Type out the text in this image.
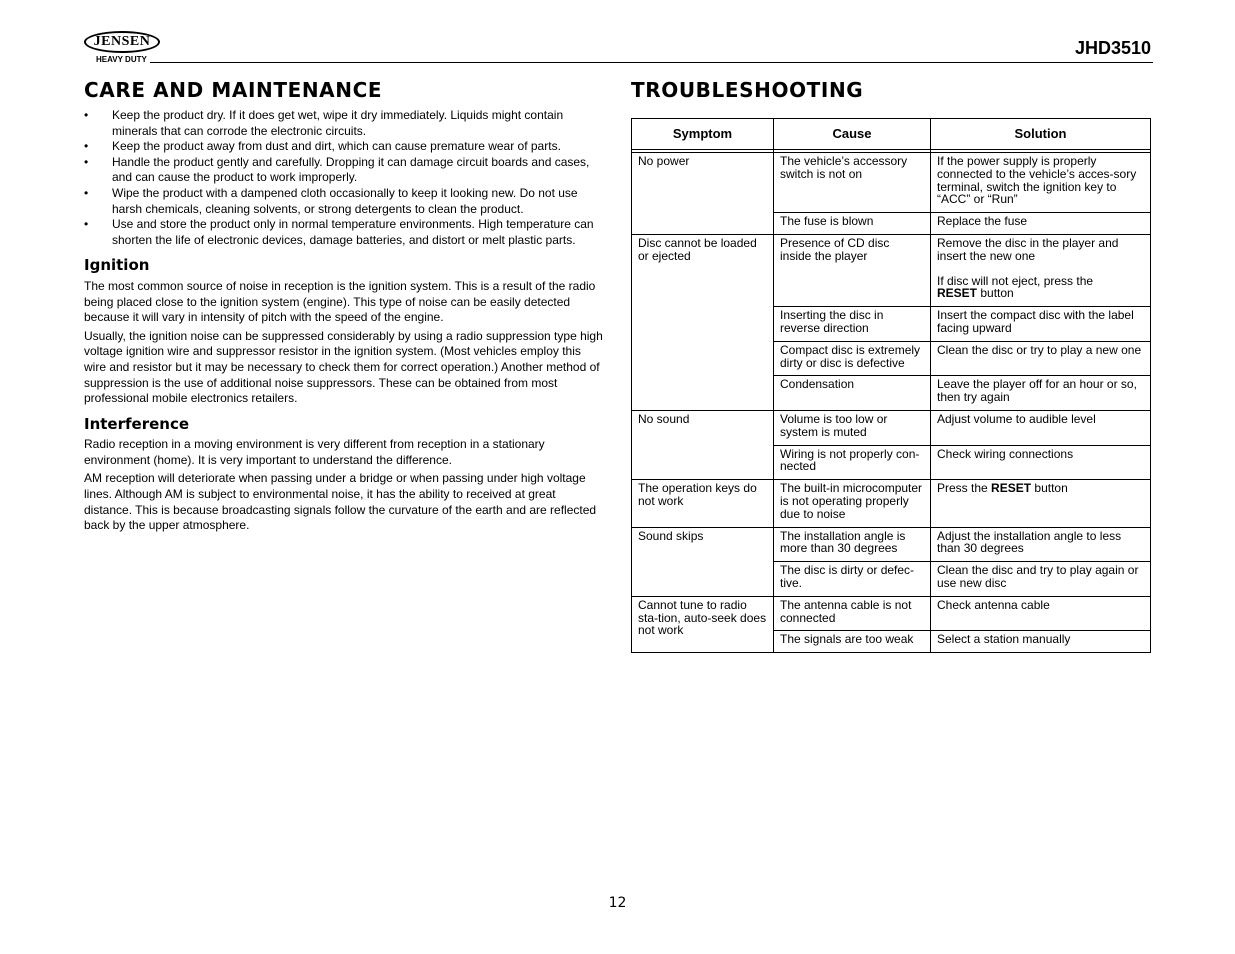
JENSEN
HEAVY DUTY
JHD3510
CARE AND MAINTENANCE	TROUBLESHOOTING
• Keep the product dry. If it does get wet, wipe it dry immediately. Liquids might contain minerals that can corrode the electronic circuits.
• Keep the product away from dust and dirt, which can cause premature wear of parts.
• Handle the product gently and carefully. Dropping it can damage circuit boards and cases, and can cause the product to work improperly.
• Wipe the product with a dampened cloth occasionally to keep it looking new. Do not use harsh chemicals, cleaning solvents, or strong detergents to clean the product.
• Use and store the product only in normal temperature environments. High temperature can shorten the life of electronic devices, damage batteries, and distort or melt plastic parts.
Ignition

The most common source of noise in reception is the ignition system. This is a result of the radio being placed close to the ignition system (engine). This type of noise can be easily detected because it will vary in intensity of pitch with the speed of the engine.

Usually, the ignition noise can be suppressed considerably by using a radio suppression type high voltage ignition wire and suppressor resistor in the ignition system. (Most vehicles employ this wire and resistor but it may be necessary to check them for correct operation.) Another method of suppression is the use of additional noise suppressors. These can be obtained from most professional mobile electronics retailers.

Interference

Radio reception in a moving environment is very different from reception in a stationary environment (home). It is very important to understand the difference.

AM reception will deteriorate when passing under a bridge or when passing under high voltage lines. Although AM is subject to environmental noise, it has the ability to received at great distance. This is because broadcasting signals follow the curvature of the earth and are reflected back by the upper atmosphere.

Symptom	Cause	Solution

No power	The vehicle’s accessory switch is not on	If the power supply is properly connected to the vehicle’s acces-sory terminal, switch the ignition key to “ACC” or “Run”
	The fuse is blown	Replace the fuse
Disc cannot be loaded or ejected	Presence of CD disc inside the player	Remove the disc in the player and insert the new one
If disc will not eject, press the
RESET button
	Inserting the disc in reverse direction	Insert the compact disc with the label facing upward
	Compact disc is extremely dirty or disc is defective	Clean the disc or try to play a new one
	Condensation	Leave the player off for an hour or so, then try again
No sound	Volume is too low or system is muted	Adjust volume to audible level
	Wiring is not properly con-nected	Check wiring connections
The operation keys do not work	The built-in microcomputer is not operating properly due to noise	Press the RESET button
Sound skips	The installation angle is more than 30 degrees	Adjust the installation angle to less than 30 degrees
	The disc is dirty or defec-tive.	Clean the disc and try to play again or use new disc
Cannot tune to radio sta-tion, auto-seek does not work	The antenna cable is not connected	Check antenna cable
	The signals are too weak	Select a station manually
12
